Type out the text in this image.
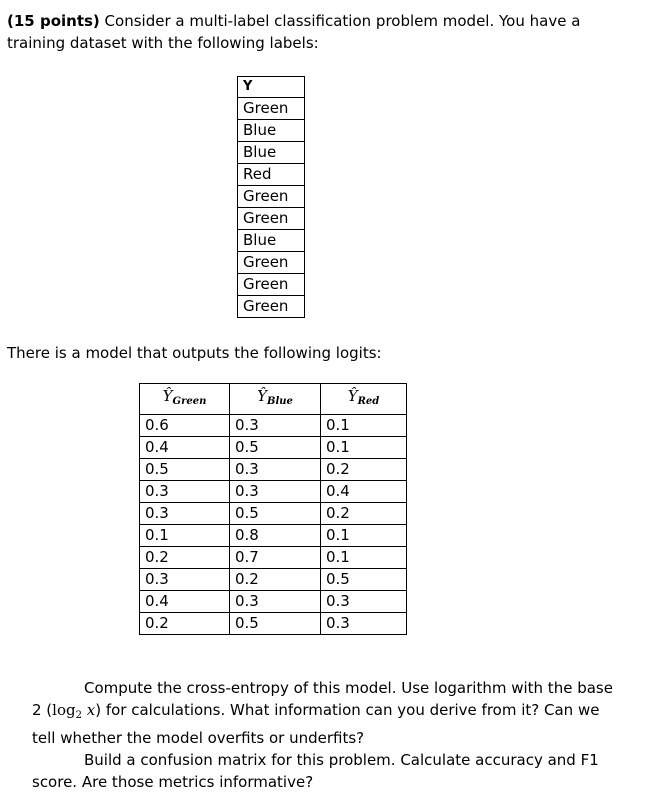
(15 points) Consider a multi-label classification problem model. You have a training dataset with the following labels:
Y
Green
Blue
Blue
Red
Green
Green
Blue
Green
Green
Green
There is a model that outputs the following logits:
$Ŷ_{Green}$	$Ŷ_{Blue}$	$Ŷ_{Red}$
0.6	0.3	0.1
0.4	0.5	0.1
0.5	0.3	0.2
0.3	0.3	0.4
0.3	0.5	0.2
0.1	0.8	0.1
0.2	0.7	0.1
0.3	0.2	0.5
0.4	0.3	0.3
0.2	0.5	0.3

Compute the cross-entropy of this model. Use logarithm with the base 2 ($\log_2$ x) for calculations. What information can you derive from it? Can we tell whether the model overfits or underfits?

Build a confusion matrix for this problem. Calculate accuracy and F1 score. Are those metrics informative?
